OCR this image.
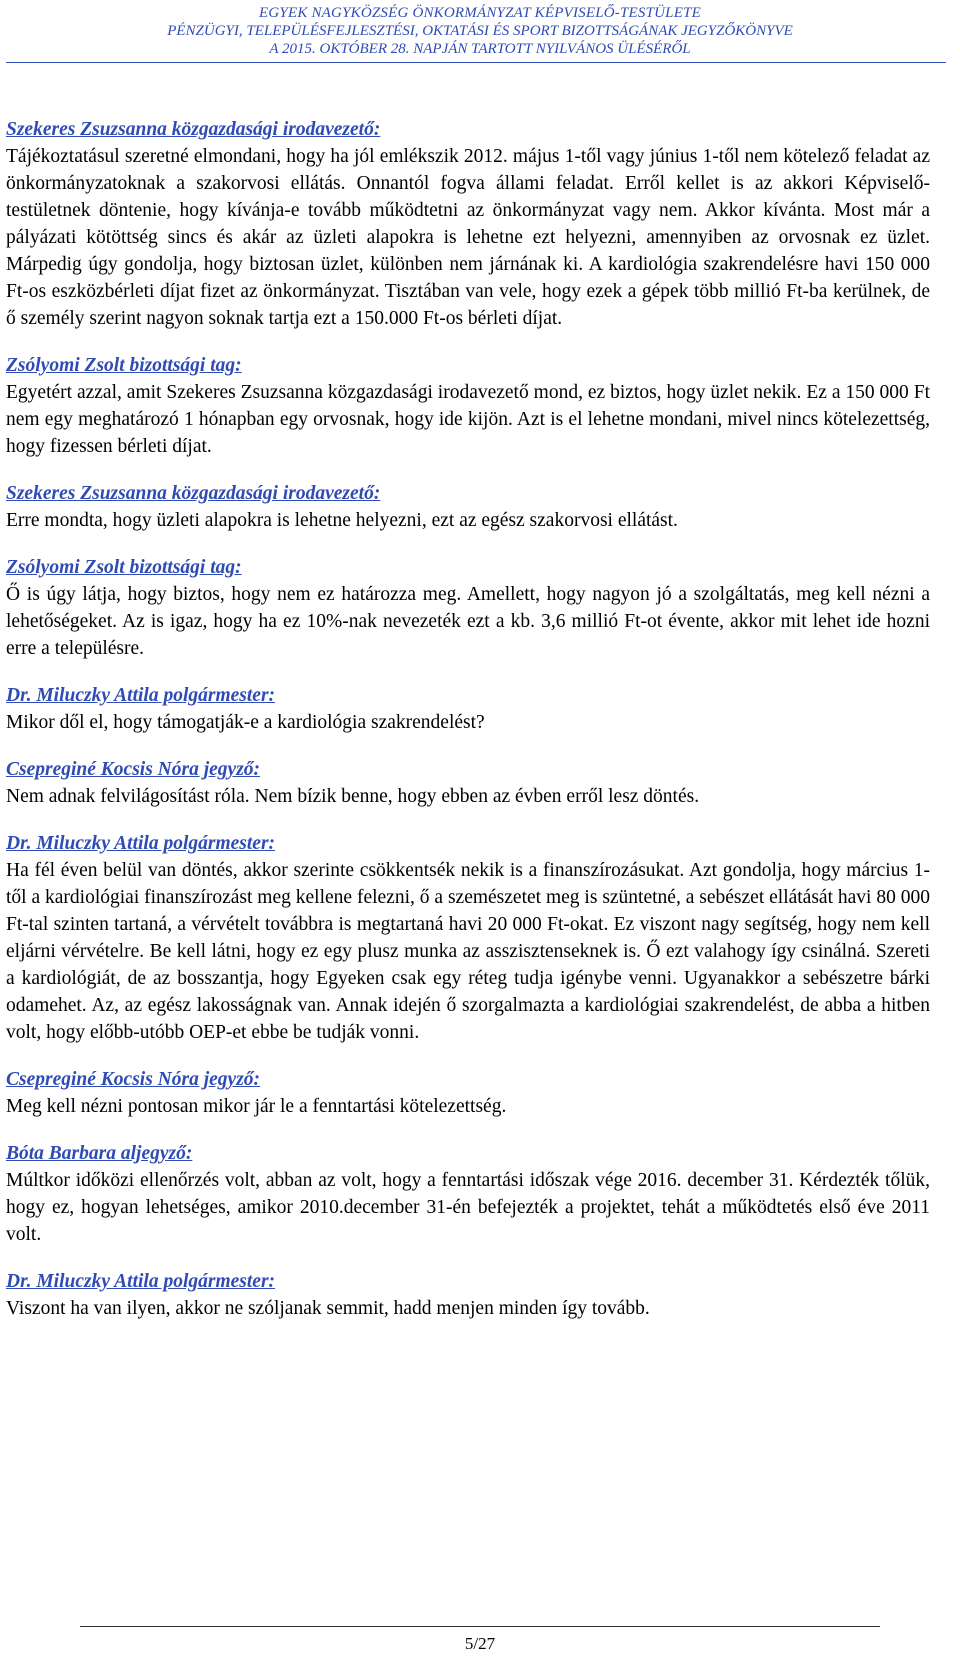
EGYEK NAGYKÖZSÉG ÖNKORMÁNYZAT KÉPVISELŐ-TESTÜLETE
PÉNZÜGYI, TELEPÜLÉSFEJLESZTÉSI, OKTATÁSI ÉS SPORT BIZOTTSÁGÁNAK JEGYZŐKÖNYVE
A 2015. OKTÓBER 28. NAPJÁN TARTOTT NYILVÁNOS ÜLÉSÉRŐL
Szekeres Zsuzsanna közgazdasági irodavezető:

Tájékoztatásul szeretné elmondani, hogy ha jól emlékszik 2012. május 1-től vagy június 1-től nem kötelező feladat az önkormányzatoknak a szakorvosi ellátás. Onnantól fogva állami feladat. Erről kellet is az akkori Képviselő-testületnek döntenie, hogy kívánja-e tovább működtetni az önkormányzat vagy nem. Akkor kívánta. Most már a pályázati kötöttség sincs és akár az üzleti alapokra is lehetne ezt helyezni, amennyiben az orvosnak ez üzlet. Márpedig úgy gondolja, hogy biztosan üzlet, különben nem járnának ki. A kardiológia szakrendelésre havi 150 000 Ft-os eszközbérleti díjat fizet az önkormányzat. Tisztában van vele, hogy ezek a gépek több millió Ft-ba kerülnek, de ő személy szerint nagyon soknak tartja ezt a 150.000 Ft-os bérleti díjat.

Zsólyomi Zsolt bizottsági tag:

Egyetért azzal, amit Szekeres Zsuzsanna közgazdasági irodavezető mond, ez biztos, hogy üzlet nekik. Ez a 150 000 Ft nem egy meghatározó 1 hónapban egy orvosnak, hogy ide kijön. Azt is el lehetne mondani, mivel nincs kötelezettség, hogy fizessen bérleti díjat.

Szekeres Zsuzsanna közgazdasági irodavezető:

Erre mondta, hogy üzleti alapokra is lehetne helyezni, ezt az egész szakorvosi ellátást.

Zsólyomi Zsolt bizottsági tag:

Ő is úgy látja, hogy biztos, hogy nem ez határozza meg. Amellett, hogy nagyon jó a szolgáltatás, meg kell nézni a lehetőségeket. Az is igaz, hogy ha ez 10%-nak nevezeték ezt a kb. 3,6 millió Ft-ot évente, akkor mit lehet ide hozni erre a településre.

Dr. Miluczky Attila polgármester:

Mikor dől el, hogy támogatják-e a kardiológia szakrendelést?

Csepreginé Kocsis Nóra jegyző:

Nem adnak felvilágosítást róla. Nem bízik benne, hogy ebben az évben erről lesz döntés.

Dr. Miluczky Attila polgármester:

Ha fél éven belül van döntés, akkor szerinte csökkentsék nekik is a finanszírozásukat. Azt gondolja, hogy március 1-től a kardiológiai finanszírozást meg kellene felezni, ő a szemészetet meg is szüntetné, a sebészet ellátását havi 80 000 Ft-tal szinten tartaná, a vérvételt továbbra is megtartaná havi 20 000 Ft-okat. Ez viszont nagy segítség, hogy nem kell eljárni vérvételre. Be kell látni, hogy ez egy plusz munka az asszisztenseknek is. Ő ezt valahogy így csinálná. Szereti a kardiológiát, de az bosszantja, hogy Egyeken csak egy réteg tudja igénybe venni. Ugyanakkor a sebészetre bárki odamehet. Az, az egész lakosságnak van. Annak idején ő szorgalmazta a kardiológiai szakrendelést, de abba a hitben volt, hogy előbb-utóbb OEP-et ebbe be tudják vonni.

Csepreginé Kocsis Nóra jegyző:

Meg kell nézni pontosan mikor jár le a fenntartási kötelezettség.

Bóta Barbara aljegyző:

Múltkor időközi ellenőrzés volt, abban az volt, hogy a fenntartási időszak vége 2016. december 31. Kérdezték tőlük, hogy ez, hogyan lehetséges, amikor 2010.december 31-én befejezték a projektet, tehát a működtetés első éve 2011 volt.

Dr. Miluczky Attila polgármester:

Viszont ha van ilyen, akkor ne szóljanak semmit, hadd menjen minden így tovább.

5/27
